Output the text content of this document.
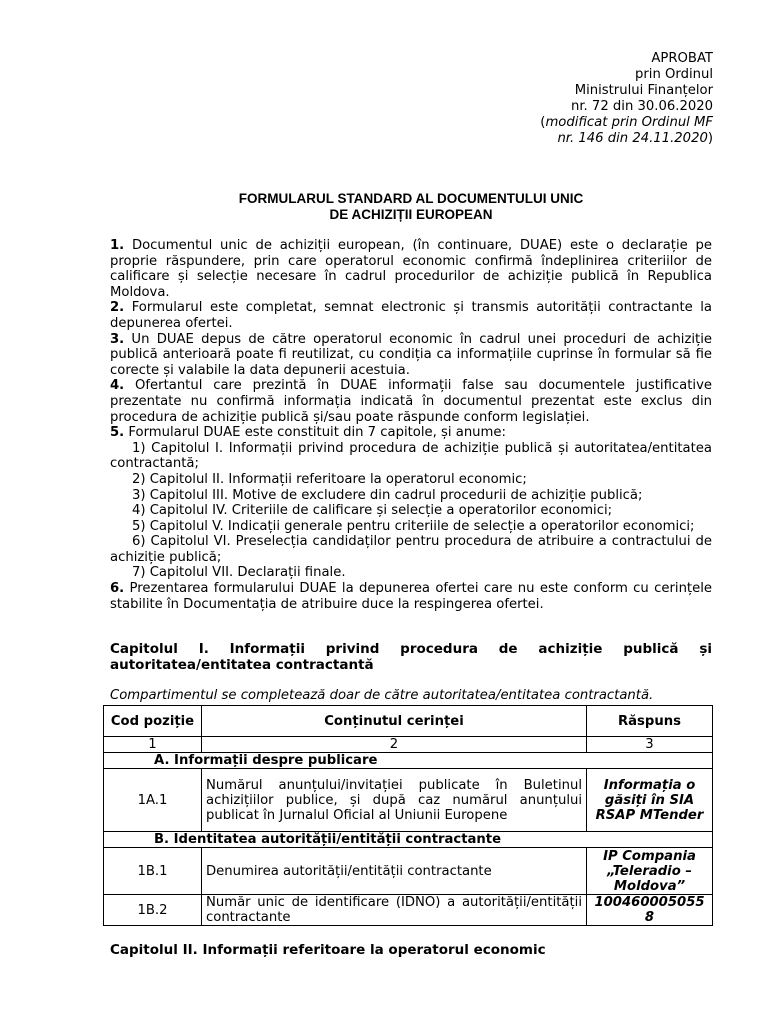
APROBAT
prin Ordinul
Ministrului Finanțelor
nr. 72 din 30.06.2020
(modificat prin Ordinul MF
nr. 146 din 24.11.2020)
FORMULARUL STANDARD AL DOCUMENTULUI UNIC
DE ACHIZIȚII EUROPEAN

1. Documentul unic de achiziții european, (în continuare, DUAE) este o declarație pe proprie răspundere, prin care operatorul economic confirmă îndeplinirea criteriilor de calificare și selecție necesare în cadrul procedurilor de achiziție publică în Republica Moldova.

2. Formularul este completat, semnat electronic și transmis autorității contractante la depunerea ofertei.

3. Un DUAE depus de către operatorul economic în cadrul unei proceduri de achiziție publică anterioară poate fi reutilizat, cu condiția ca informațiile cuprinse în formular să fie corecte și valabile la data depunerii acestuia.

4. Ofertantul care prezintă în DUAE informații false sau documentele justificative prezentate nu confirmă informația indicată în documentul prezentat este exclus din procedura de achiziție publică și/sau poate răspunde conform legislației.

5. Formularul DUAE este constituit din 7 capitole, și anume:

1) Capitolul I. Informații privind procedura de achiziție publică și autoritatea/entitatea contractantă;

2) Capitolul II. Informații referitoare la operatorul economic;

3) Capitolul III. Motive de excludere din cadrul procedurii de achiziție publică;

4) Capitolul IV. Criteriile de calificare și selecție a operatorilor economici;

5) Capitolul V. Indicații generale pentru criteriile de selecție a operatorilor economici;

6) Capitolul VI. Preselecția candidaților pentru procedura de atribuire a contractului de achiziție publică;

7) Capitolul VII. Declarații finale.

6. Prezentarea formularului DUAE la depunerea ofertei care nu este conform cu cerințele stabilite în Documentația de atribuire duce la respingerea ofertei.

Capitolul I. Informații privind procedura de achiziție publică și autoritatea/entitatea contractantă
Compartimentul se completează doar de către autoritatea/entitatea contractantă.
Cod poziție	Conținutul cerinței	Răspuns
1	2	3
A. Informații despre publicare		
1A.1	Numărul anunțului/invitației publicate în Buletinul achizițiilor publice, și după caz numărul anunțului publicat în Jurnalul Oficial al Uniunii Europene	Informația o găsiți în SIA RSAP MTender
B. Identitatea autorității/entității contractante		
1B.1	Denumirea autorității/entității contractante	IP Compania „Teleradio – Moldova”
1B.2	Număr unic de identificare (IDNO) a autorității/entității contractante	1004600050558
Capitolul II. Informații referitoare la operatorul economic
